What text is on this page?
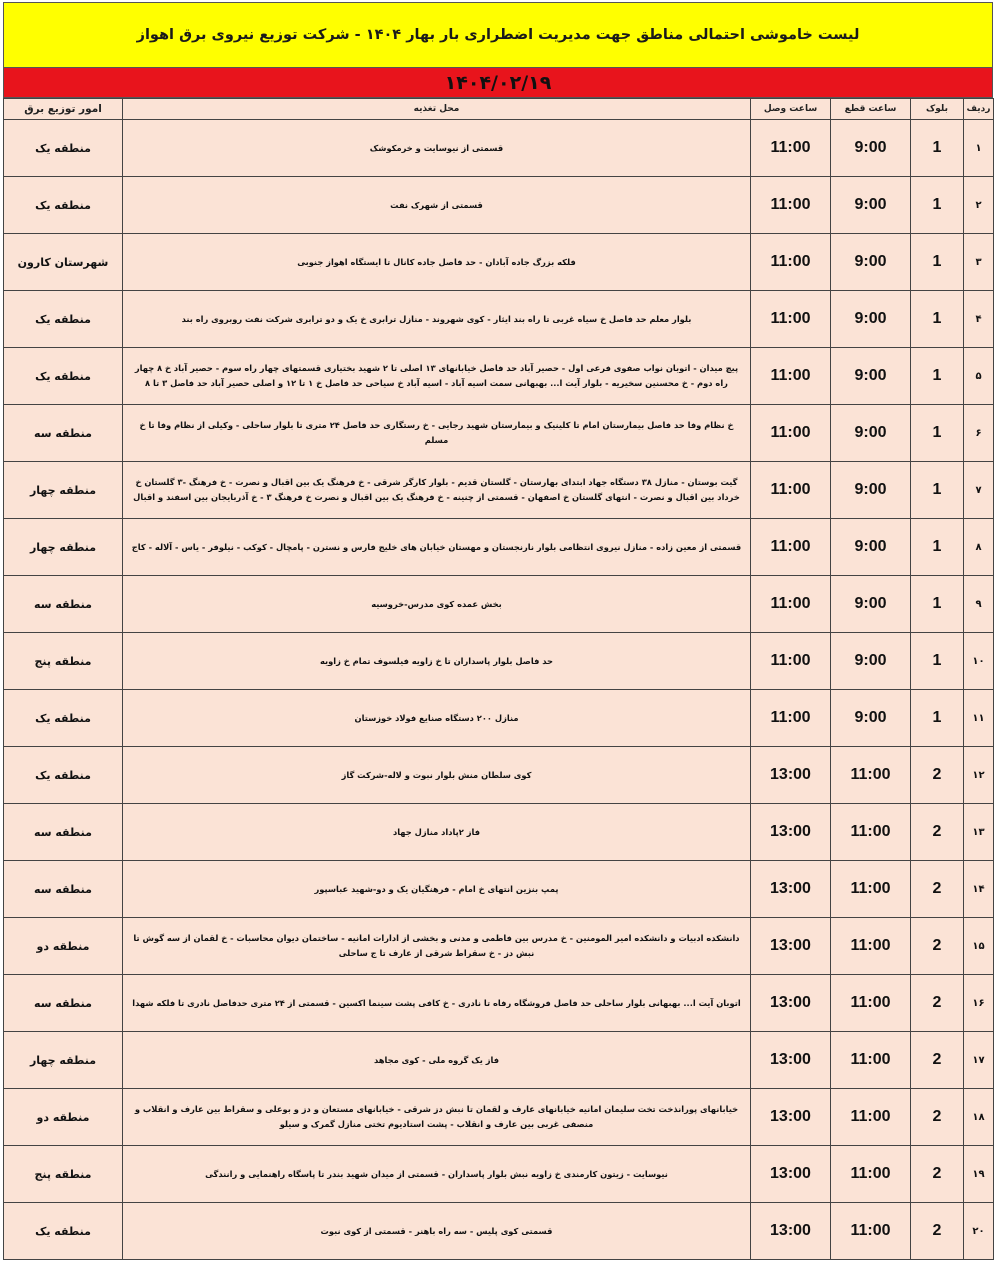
لیست خاموشی احتمالی مناطق جهت مدیریت اضطراری بار بهار ۱۴۰۴ - شرکت توزیع نیروی برق اهواز
۱۴۰۴/۰۲/۱۹
ردیف	بلوک	ساعت قطع	ساعت وصل	محل تغذیه	امور توزیع برق
۱	1	9:00	11:00	قسمتی از نیوسایت و خرمکوشک	منطقه یک
۲	1	9:00	11:00	قسمتی از شهرک نفت	منطقه یک
۳	1	9:00	11:00	فلکه بزرگ جاده آبادان - حد فاصل جاده کانال تا ایستگاه اهواز جنوبی	شهرستان کارون
۴	1	9:00	11:00	بلوار معلم حد فاصل خ سیاه غربی تا راه بند ایثار - کوی شهروند - منازل ترابری خ یک و دو ترابری شرکت نفت روبروی راه بند	منطقه یک
۵	1	9:00	11:00	پیچ میدان - اتوبان نواب صفوی فرعی اول - حصیر آباد حد فاصل خیابانهای ۱۳ اصلی تا ۲ شهید بختیاری قسمتهای چهار راه سوم - حصیر آباد خ ۸ چهار راه دوم - خ محسنین سخیریه - بلوار آیت ا... بهبهانی سمت اسیه آباد - اسیه آباد خ سیاحی حد فاصل خ ۱ تا ۱۲ و اصلی حصیر آباد حد فاصل ۳ تا ۸	منطقه یک
۶	1	9:00	11:00	خ نظام وفا حد فاصل بیمارستان امام تا کلینیک و بیمارستان شهید رجایی - خ رستگاری حد فاصل ۲۴ متری تا بلوار ساحلی - وکیلی از نظام وفا تا خ مسلم	منطقه سه
۷	1	9:00	11:00	گیت بوستان - منازل ۳۸ دستگاه جهاد ابتدای بهارستان - گلستان قدیم - بلوار کارگر شرقی - خ فرهنگ یک بین اقبال و نصرت - خ فرهنگ -۳ گلستان خ خرداد بین اقبال و نصرت - انتهای گلستان خ اصفهان - قسمتی از چنینه - خ فرهنگ یک بین اقبال و نصرت خ فرهنگ ۳ - خ آذربایجان بین اسفند و اقبال	منطقه چهار
۸	1	9:00	11:00	قسمتی از معین زاده - منازل نیروی انتظامی بلوار نارنجستان و مهستان خیابان های خلیج فارس و نسترن - پامچال - کوکب - نیلوفر - یاس - آلاله - کاج	منطقه چهار
۹	1	9:00	11:00	بخش عمده کوی مدرس-خروسیه	منطقه سه
۱۰	1	9:00	11:00	حد فاصل بلوار پاسداران تا خ زاویه فیلسوف تمام خ زاویه	منطقه پنج
۱۱	1	9:00	11:00	منازل ۲۰۰ دستگاه صنایع فولاد خوزستان	منطقه یک
۱۲	2	11:00	13:00	کوی سلطان منش بلوار نبوت و لاله-شرکت گاز	منطقه یک
۱۳	2	11:00	13:00	فاز ۲پاداد منازل جهاد	منطقه سه
۱۴	2	11:00	13:00	پمپ بنزین انتهای خ امام - فرهنگیان یک و دو-شهید عباسپور	منطقه سه
۱۵	2	11:00	13:00	دانشکده ادبیات و دانشکده امیر المومنین - خ مدرس بین فاطمی و مدنی و بخشی از ادارات امانیه - ساختمان دیوان محاسبات - خ لقمان از سه گوش تا نبش دز - خ سقراط شرقی از عارف تا ج ساحلی	منطقه دو
۱۶	2	11:00	13:00	اتوبان آیت ا... بهبهانی بلوار ساحلی حد فاصل فروشگاه رفاه تا نادری - خ کافی پشت سینما اکسین - قسمتی از ۲۴ متری حدفاصل نادری تا فلکه شهدا	منطقه سه
۱۷	2	11:00	13:00	فاز یک گروه ملی - کوی مجاهد	منطقه چهار
۱۸	2	11:00	13:00	خیابانهای پورانذخت تخت سلیمان امانیه خیابانهای عارف و لقمان تا نبش دز شرقی - خیابانهای مستعان و دز و بوعلی و سقراط بین عارف و انقلاب و منصفی غربی بین عارف و انقلاب - پشت استادیوم تختی منازل گمرک و سیلو	منطقه دو
۱۹	2	11:00	13:00	نیوسایت - زیتون کارمندی خ زاویه نبش بلوار پاسداران - قسمتی از میدان شهید بندر تا پاسگاه راهنمایی و رانندگی	منطقه پنج
۲۰	2	11:00	13:00	قسمتی کوی پلیس - سه راه باهنر - قسمتی از کوی نبوت	منطقه یک
